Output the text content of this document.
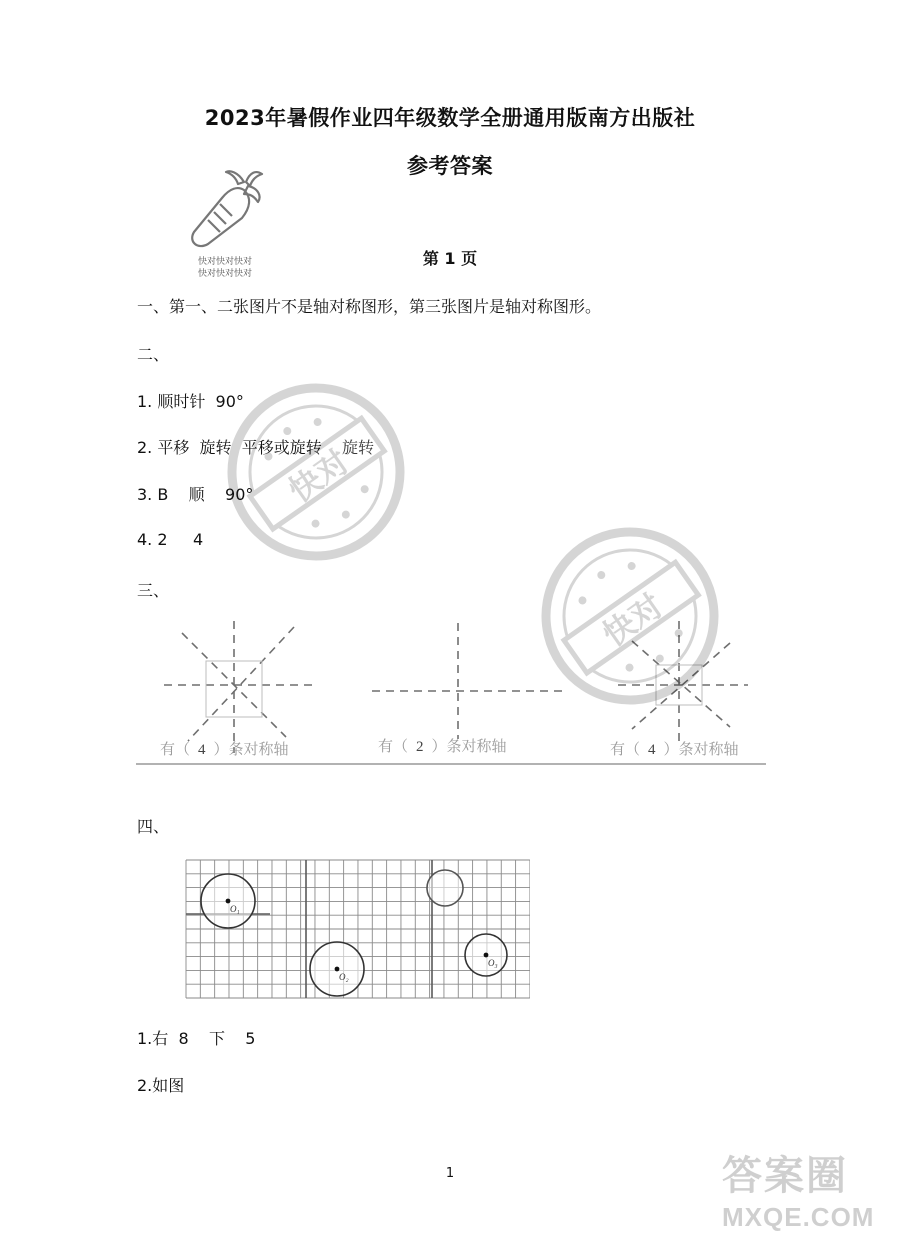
2023年暑假作业四年级数学全册通用版南方出版社
参考答案
快对快对快对
快对快对快对
第 1 页
一、第一、二张图片不是轴对称图形，第三张图片是轴对称图形。
二、
1. 顺时针  90°
2. 平移  旋转  平移或旋转    旋转
3. B    顺    90°
4. 2     4
三、
有（ 4 ）条对称轴	有（ 2 ）条对称轴	有（ 4 ）条对称轴
四、
O₁
O₂
O₃
1.右  8    下    5
2.如图
1
快对
快对
答案圈
MXQE.COM
